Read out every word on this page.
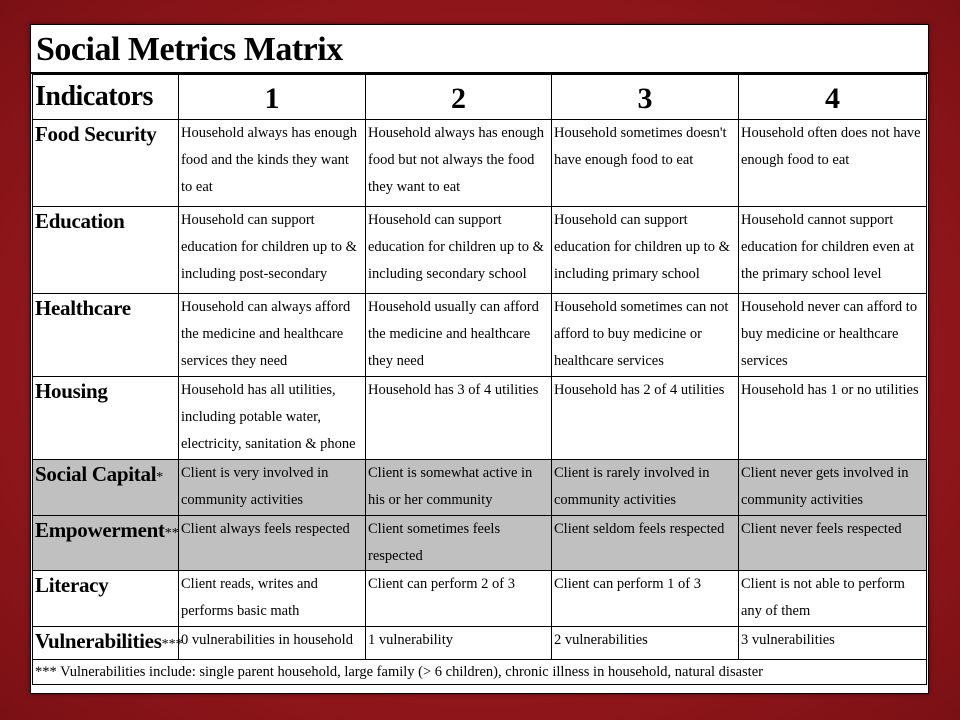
Social Metrics Matrix
Indicators	1	2	3	4
Food Security	Household always has enough food and the kinds they want to eat	Household always has enough food but not always the food they want to eat	Household sometimes doesn't have enough food to eat	Household often does not have enough food to eat
Education	Household can support education for children up to & including post-secondary	Household can support education for children up to & including secondary school	Household can support education for children up to & including primary school	Household cannot support education for children even at the primary school level
Healthcare	Household can always afford the medicine and healthcare services they need	Household usually can afford the medicine and healthcare they need	Household sometimes can not afford to buy medicine or healthcare services	Household never can afford to buy medicine or healthcare services
Housing	Household has all utilities, including potable water, electricity, sanitation & phone	Household has 3 of 4 utilities	Household has 2 of 4 utilities	Household has 1 or no utilities
Social Capital*	Client is very involved in community activities	Client is somewhat active in his or her community	Client is rarely involved in community activities	Client never gets involved in community activities
Empowerment**	Client always feels respected	Client sometimes feels respected	Client seldom feels respected	Client never feels respected
Literacy	Client reads, writes and performs basic math	Client can perform 2 of 3	Client can perform 1 of 3	Client is not able to perform any of them
Vulnerabilities***	0 vulnerabilities in household	1 vulnerability	2 vulnerabilities	3 vulnerabilities
*** Vulnerabilities include: single parent household, large family (> 6 children), chronic illness in household, natural disaster				
